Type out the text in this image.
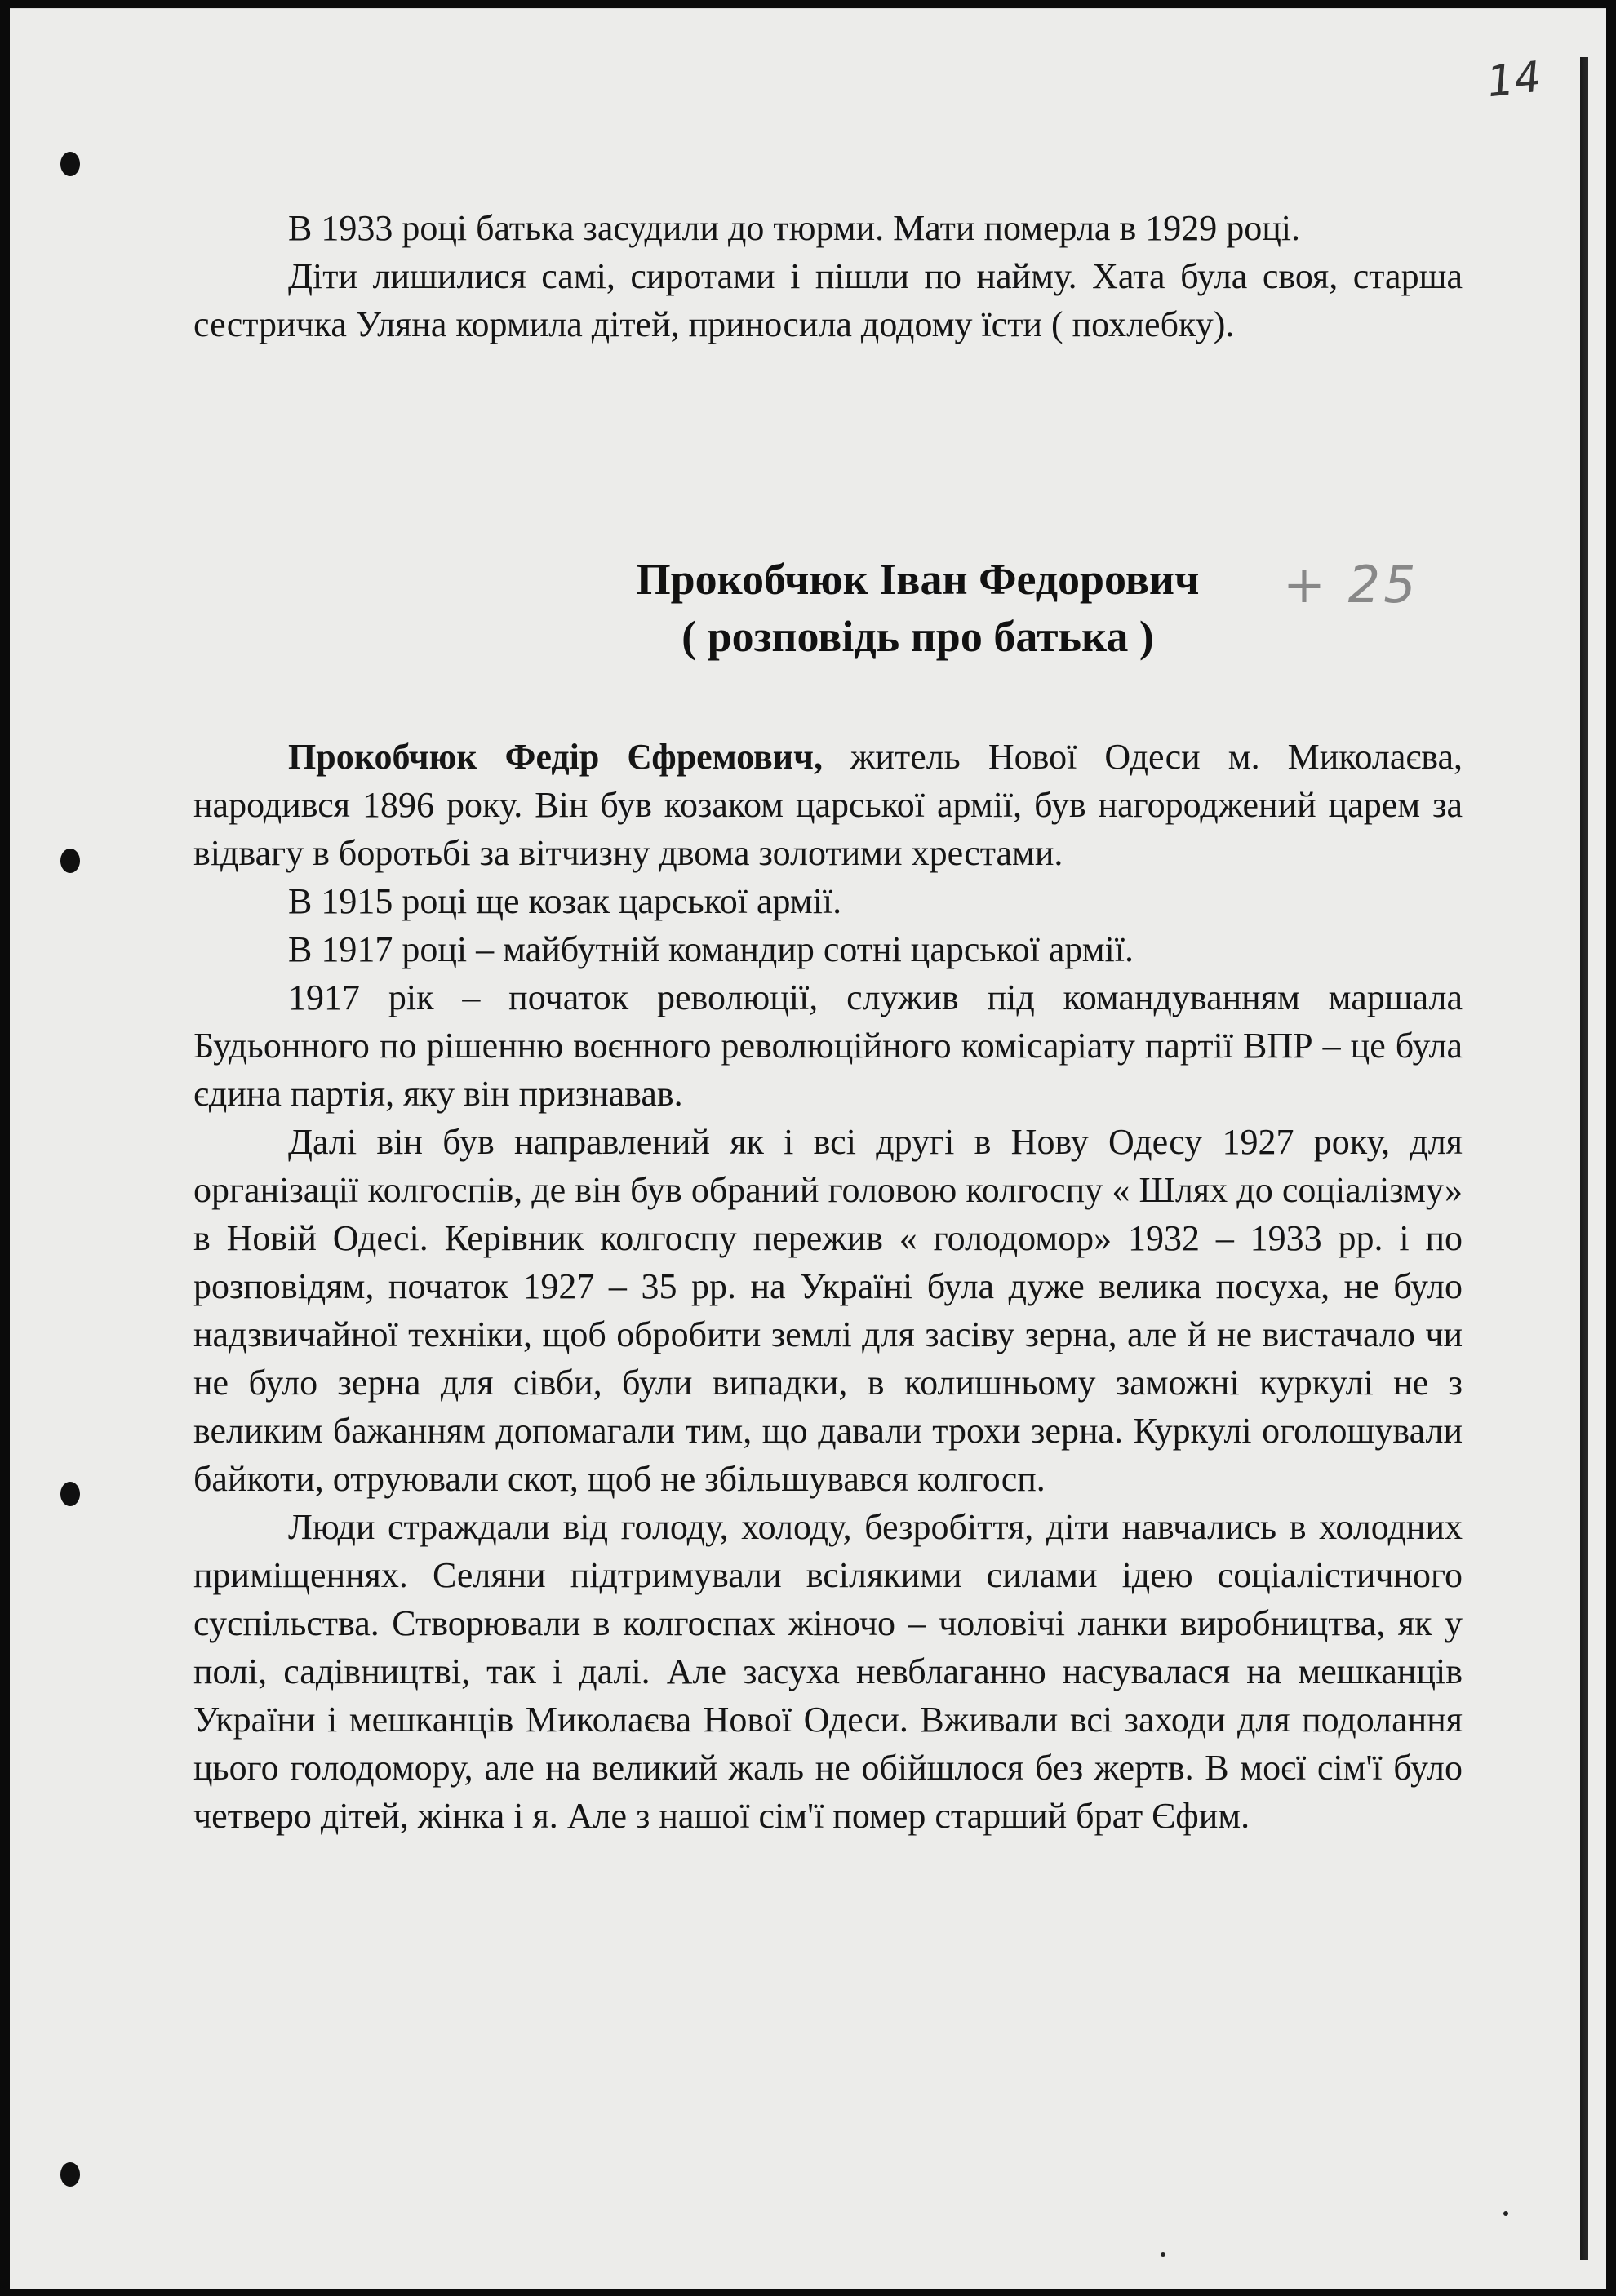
14
+ 25

В 1933 році батька засудили до тюрми. Мати померла в 1929 році.

Діти лишилися самі, сиротами і пішли по найму. Хата була своя, старша сестричка Уляна кормила дітей, приносила додому їсти ( похлебку).

Прокобчюк Іван Федорович
( розповідь про батька )

Прокобчюк Федір Єфремович, житель Нової Одеси м. Миколаєва, народився 1896 року. Він був козаком царської армії, був нагороджений царем за відвагу в боротьбі за вітчизну двома золотими хрестами.

В 1915 році ще козак царської армії.

В 1917 році – майбутній командир сотні царської армії.

1917 рік – початок революції, служив під командуванням маршала Будьонного по рішенню воєнного революційного комісаріату партії ВПР – це була єдина партія, яку він признавав.

Далі він був направлений як і всі другі в Нову Одесу 1927 року, для організації колгоспів, де він був обраний головою колгоспу « Шлях до соціалізму» в Новій Одесі. Керівник колгоспу пережив « голодомор» 1932 – 1933 рр. і по розповідям, початок 1927 – 35 рр. на Україні була дуже велика посуха, не було надзвичайної техніки, щоб обробити землі для засіву зерна, але й не вистачало чи не було зерна для сівби, були випадки, в колишньому заможні куркулі не з великим бажанням допомагали тим, що давали трохи зерна. Куркулі оголошували байкоти, отруювали скот, щоб не збільшувався колгосп.

Люди страждали від голоду, холоду, безробіття, діти навчались в холодних приміщеннях. Селяни підтримували всілякими силами ідею соціалістичного суспільства. Створювали в колгоспах жіночо – чоловічі ланки виробництва, як у полі, садівництві, так і далі. Але засуха невблаганно насувалася на мешканців України і мешканців Миколаєва Нової Одеси. Вживали всі заходи для подолання цього голодомору, але на великий жаль не обійшлося без жертв. В моєї сім'ї було четверо дітей, жінка і я. Але з нашої сім'ї помер старший брат Єфим.
